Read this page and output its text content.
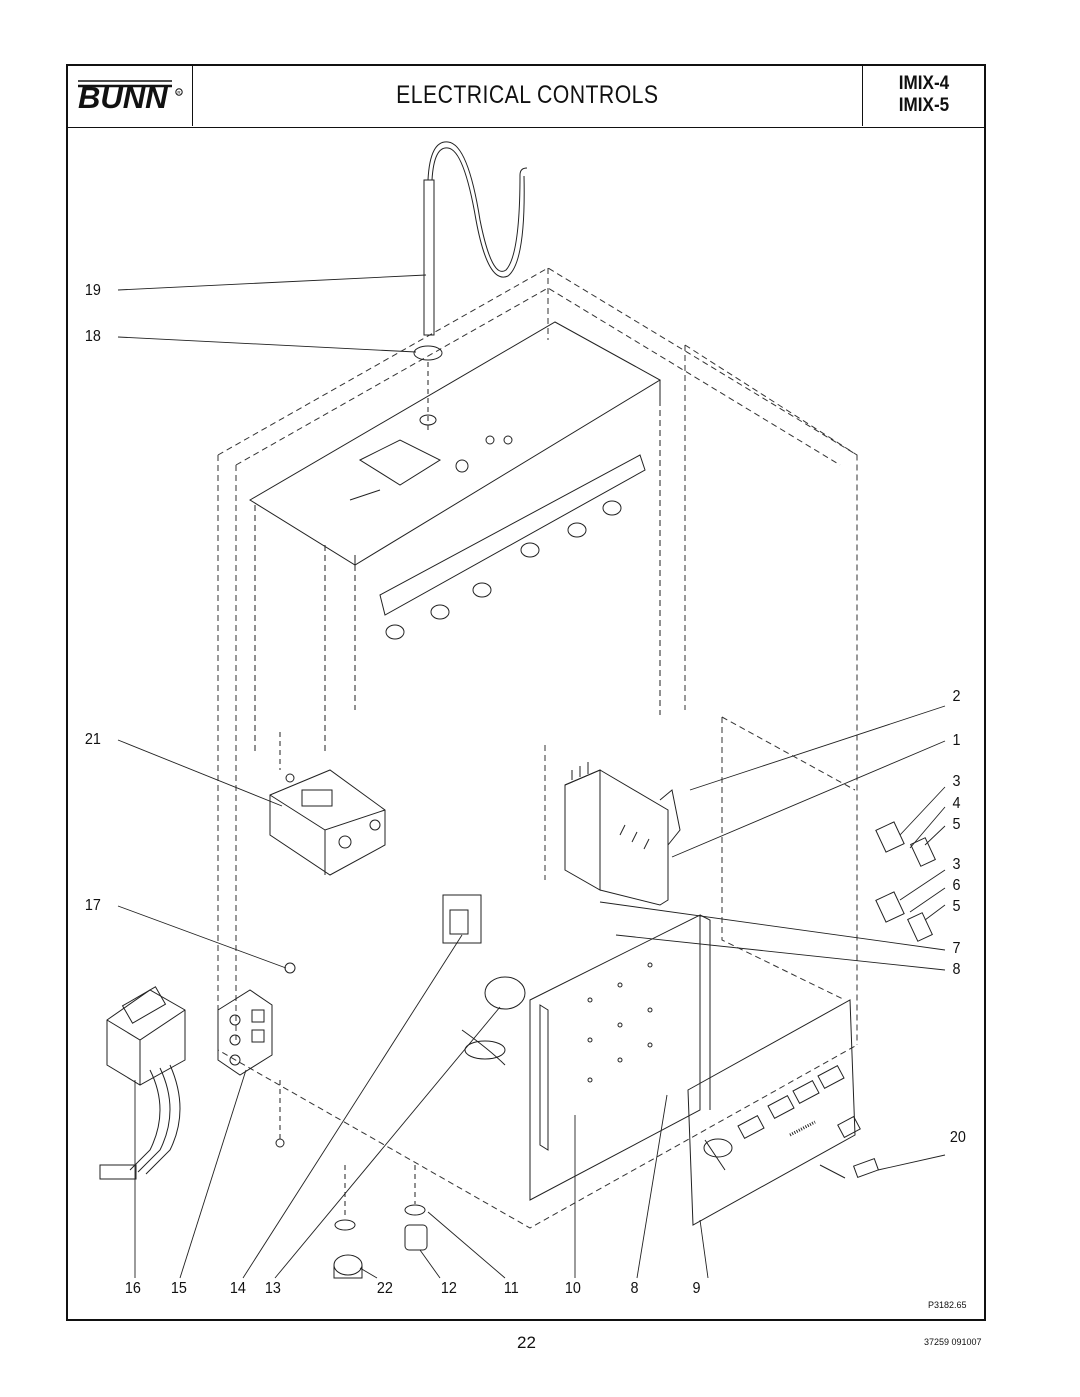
BUNN R	ELECTRICAL CONTROLS	IMIX-4
IMIX-5
19
18
21
17
2
1
3
4
5
3
6
5
7
8
20
16 15	14 13	22	12	11	10	8	9
P3182.65
22	37259 091007
